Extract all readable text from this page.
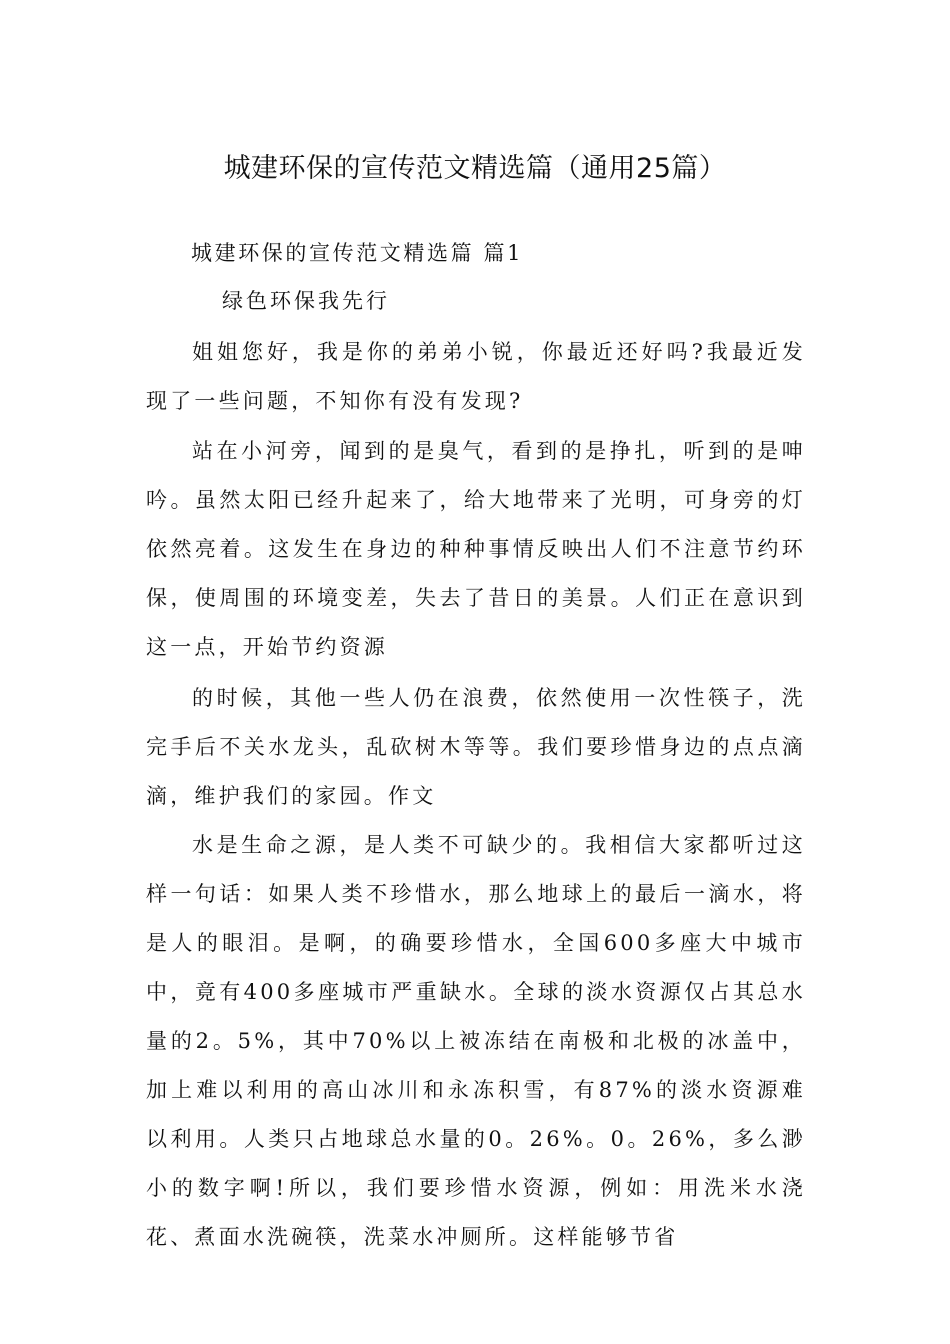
城建环保的宣传范文精选篇（通用25篇）

城建环保的宣传范文精选篇 篇1

绿色环保我先行

姐姐您好，我是你的弟弟小锐，你最近还好吗?我最近发现了一些问题，不知你有没有发现?

站在小河旁，闻到的是臭气，看到的是挣扎，听到的是呻吟。虽然太阳已经升起来了，给大地带来了光明，可身旁的灯依然亮着。这发生在身边的种种事情反映出人们不注意节约环保，使周围的环境变差，失去了昔日的美景。人们正在意识到这一点，开始节约资源

的时候，其他一些人仍在浪费，依然使用一次性筷子，洗完手后不关水龙头，乱砍树木等等。我们要珍惜身边的点点滴滴，维护我们的家园。作文

水是生命之源，是人类不可缺少的。我相信大家都听过这样一句话：如果人类不珍惜水，那么地球上的最后一滴水，将是人的眼泪。是啊，的确要珍惜水，全国600多座大中城市中，竟有400多座城市严重缺水。全球的淡水资源仅占其总水量的2。5%，其中70%以上被冻结在南极和北极的冰盖中，加上难以利用的高山冰川和永冻积雪，有87%的淡水资源难以利用。人类只占地球总水量的0。26%。0。26%，多么渺小的数字啊!所以，我们要珍惜水资源，例如：用洗米水浇花、煮面水洗碗筷，洗菜水冲厕所。这样能够节省
